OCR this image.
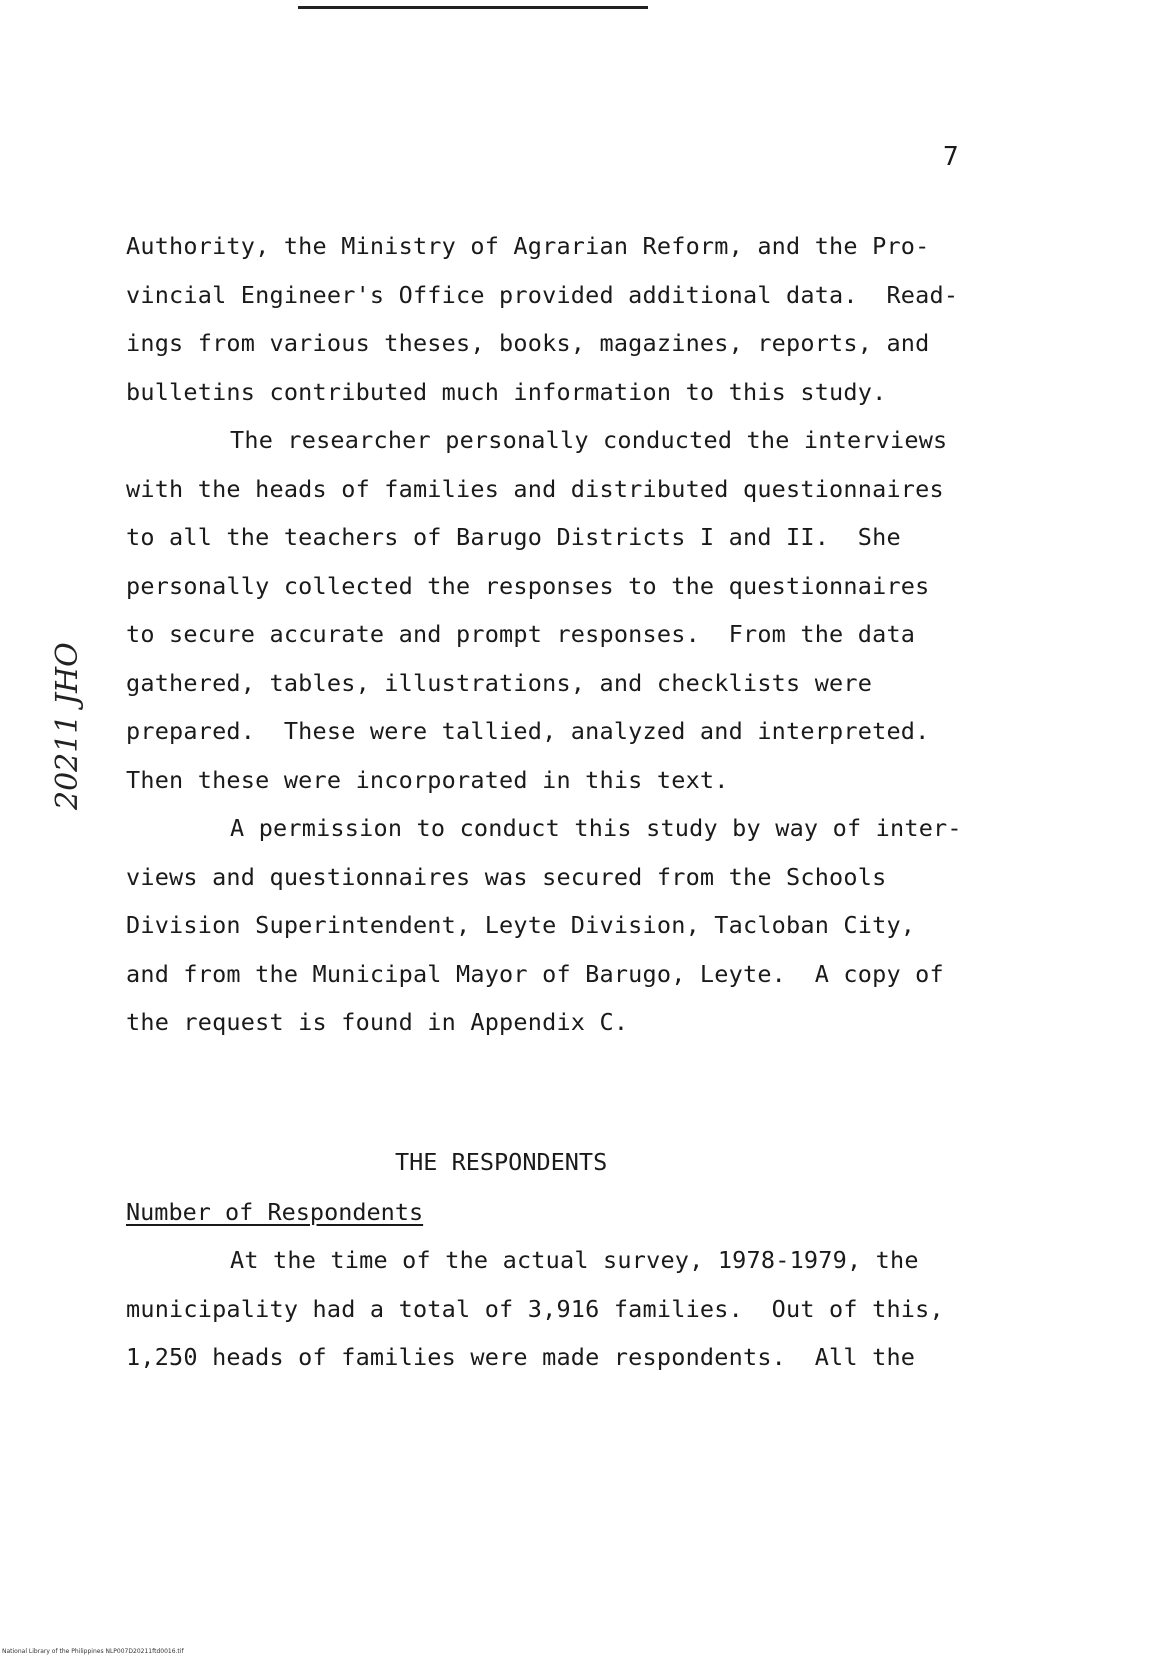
7
20211 JHO
Authority, the Ministry of Agrarian Reform, and the Pro-
vincial Engineer's Office provided additional data.  Read-
ings from various theses, books, magazines, reports, and
bulletins contributed much information to this study.
The researcher personally conducted the interviews
with the heads of families and distributed questionnaires
to all the teachers of Barugo Districts I and II.  She
personally collected the responses to the questionnaires
to secure accurate and prompt responses.  From the data
gathered, tables, illustrations, and checklists were
prepared.  These were tallied, analyzed and interpreted.
Then these were incorporated in this text.
A permission to conduct this study by way of inter-
views and questionnaires was secured from the Schools
Division Superintendent, Leyte Division, Tacloban City,
and from the Municipal Mayor of Barugo, Leyte.  A copy of
the request is found in Appendix C.
THE RESPONDENTS
Number of Respondents
At the time of the actual survey, 1978-1979, the
municipality had a total of 3,916 families.  Out of this,
1,250 heads of families were made respondents.  All the
National Library of the Philippines NLP007D20211ftd0016.tif
